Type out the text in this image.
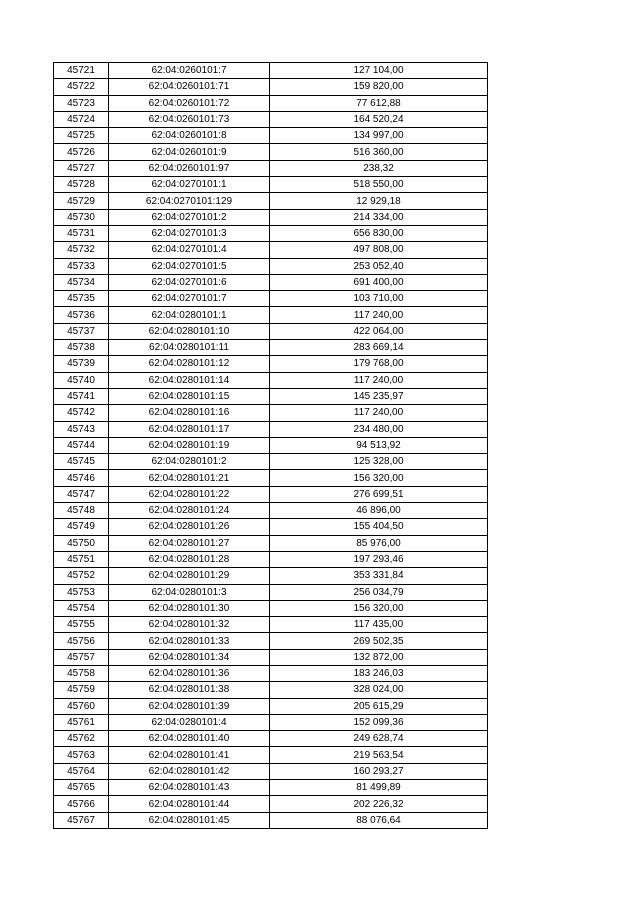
45721	62:04:0260101:7	127 104,00
45722	62:04:0260101:71	159 820,00
45723	62:04:0260101:72	77 612,88
45724	62:04:0260101:73	164 520,24
45725	62:04:0260101:8	134 997,00
45726	62:04:0260101:9	516 360,00
45727	62:04:0260101:97	238,32
45728	62:04:0270101:1	518 550,00
45729	62:04:0270101:129	12 929,18
45730	62:04:0270101:2	214 334,00
45731	62:04:0270101:3	656 830,00
45732	62:04:0270101:4	497 808,00
45733	62:04:0270101:5	253 052,40
45734	62:04:0270101:6	691 400,00
45735	62:04:0270101:7	103 710,00
45736	62:04:0280101:1	117 240,00
45737	62:04:0280101:10	422 064,00
45738	62:04:0280101:11	283 669,14
45739	62:04:0280101:12	179 768,00
45740	62:04:0280101:14	117 240,00
45741	62:04:0280101:15	145 235,97
45742	62:04:0280101:16	117 240,00
45743	62:04:0280101:17	234 480,00
45744	62:04:0280101:19	94 513,92
45745	62:04:0280101:2	125 328,00
45746	62:04:0280101:21	156 320,00
45747	62:04:0280101:22	276 699,51
45748	62:04:0280101:24	46 896,00
45749	62:04:0280101:26	155 404,50
45750	62:04:0280101:27	85 976,00
45751	62:04:0280101:28	197 293,46
45752	62:04:0280101:29	353 331,84
45753	62:04:0280101:3	256 034,79
45754	62:04:0280101:30	156 320,00
45755	62:04:0280101:32	117 435,00
45756	62:04:0280101:33	269 502,35
45757	62:04:0280101:34	132 872,00
45758	62:04:0280101:36	183 246,03
45759	62:04:0280101:38	328 024,00
45760	62:04:0280101:39	205 615,29
45761	62:04:0280101:4	152 099,36
45762	62:04:0280101:40	249 628,74
45763	62:04:0280101:41	219 563,54
45764	62:04:0280101:42	160 293,27
45765	62:04:0280101:43	81 499,89
45766	62:04:0280101:44	202 226,32
45767	62:04:0280101:45	88 076,64
